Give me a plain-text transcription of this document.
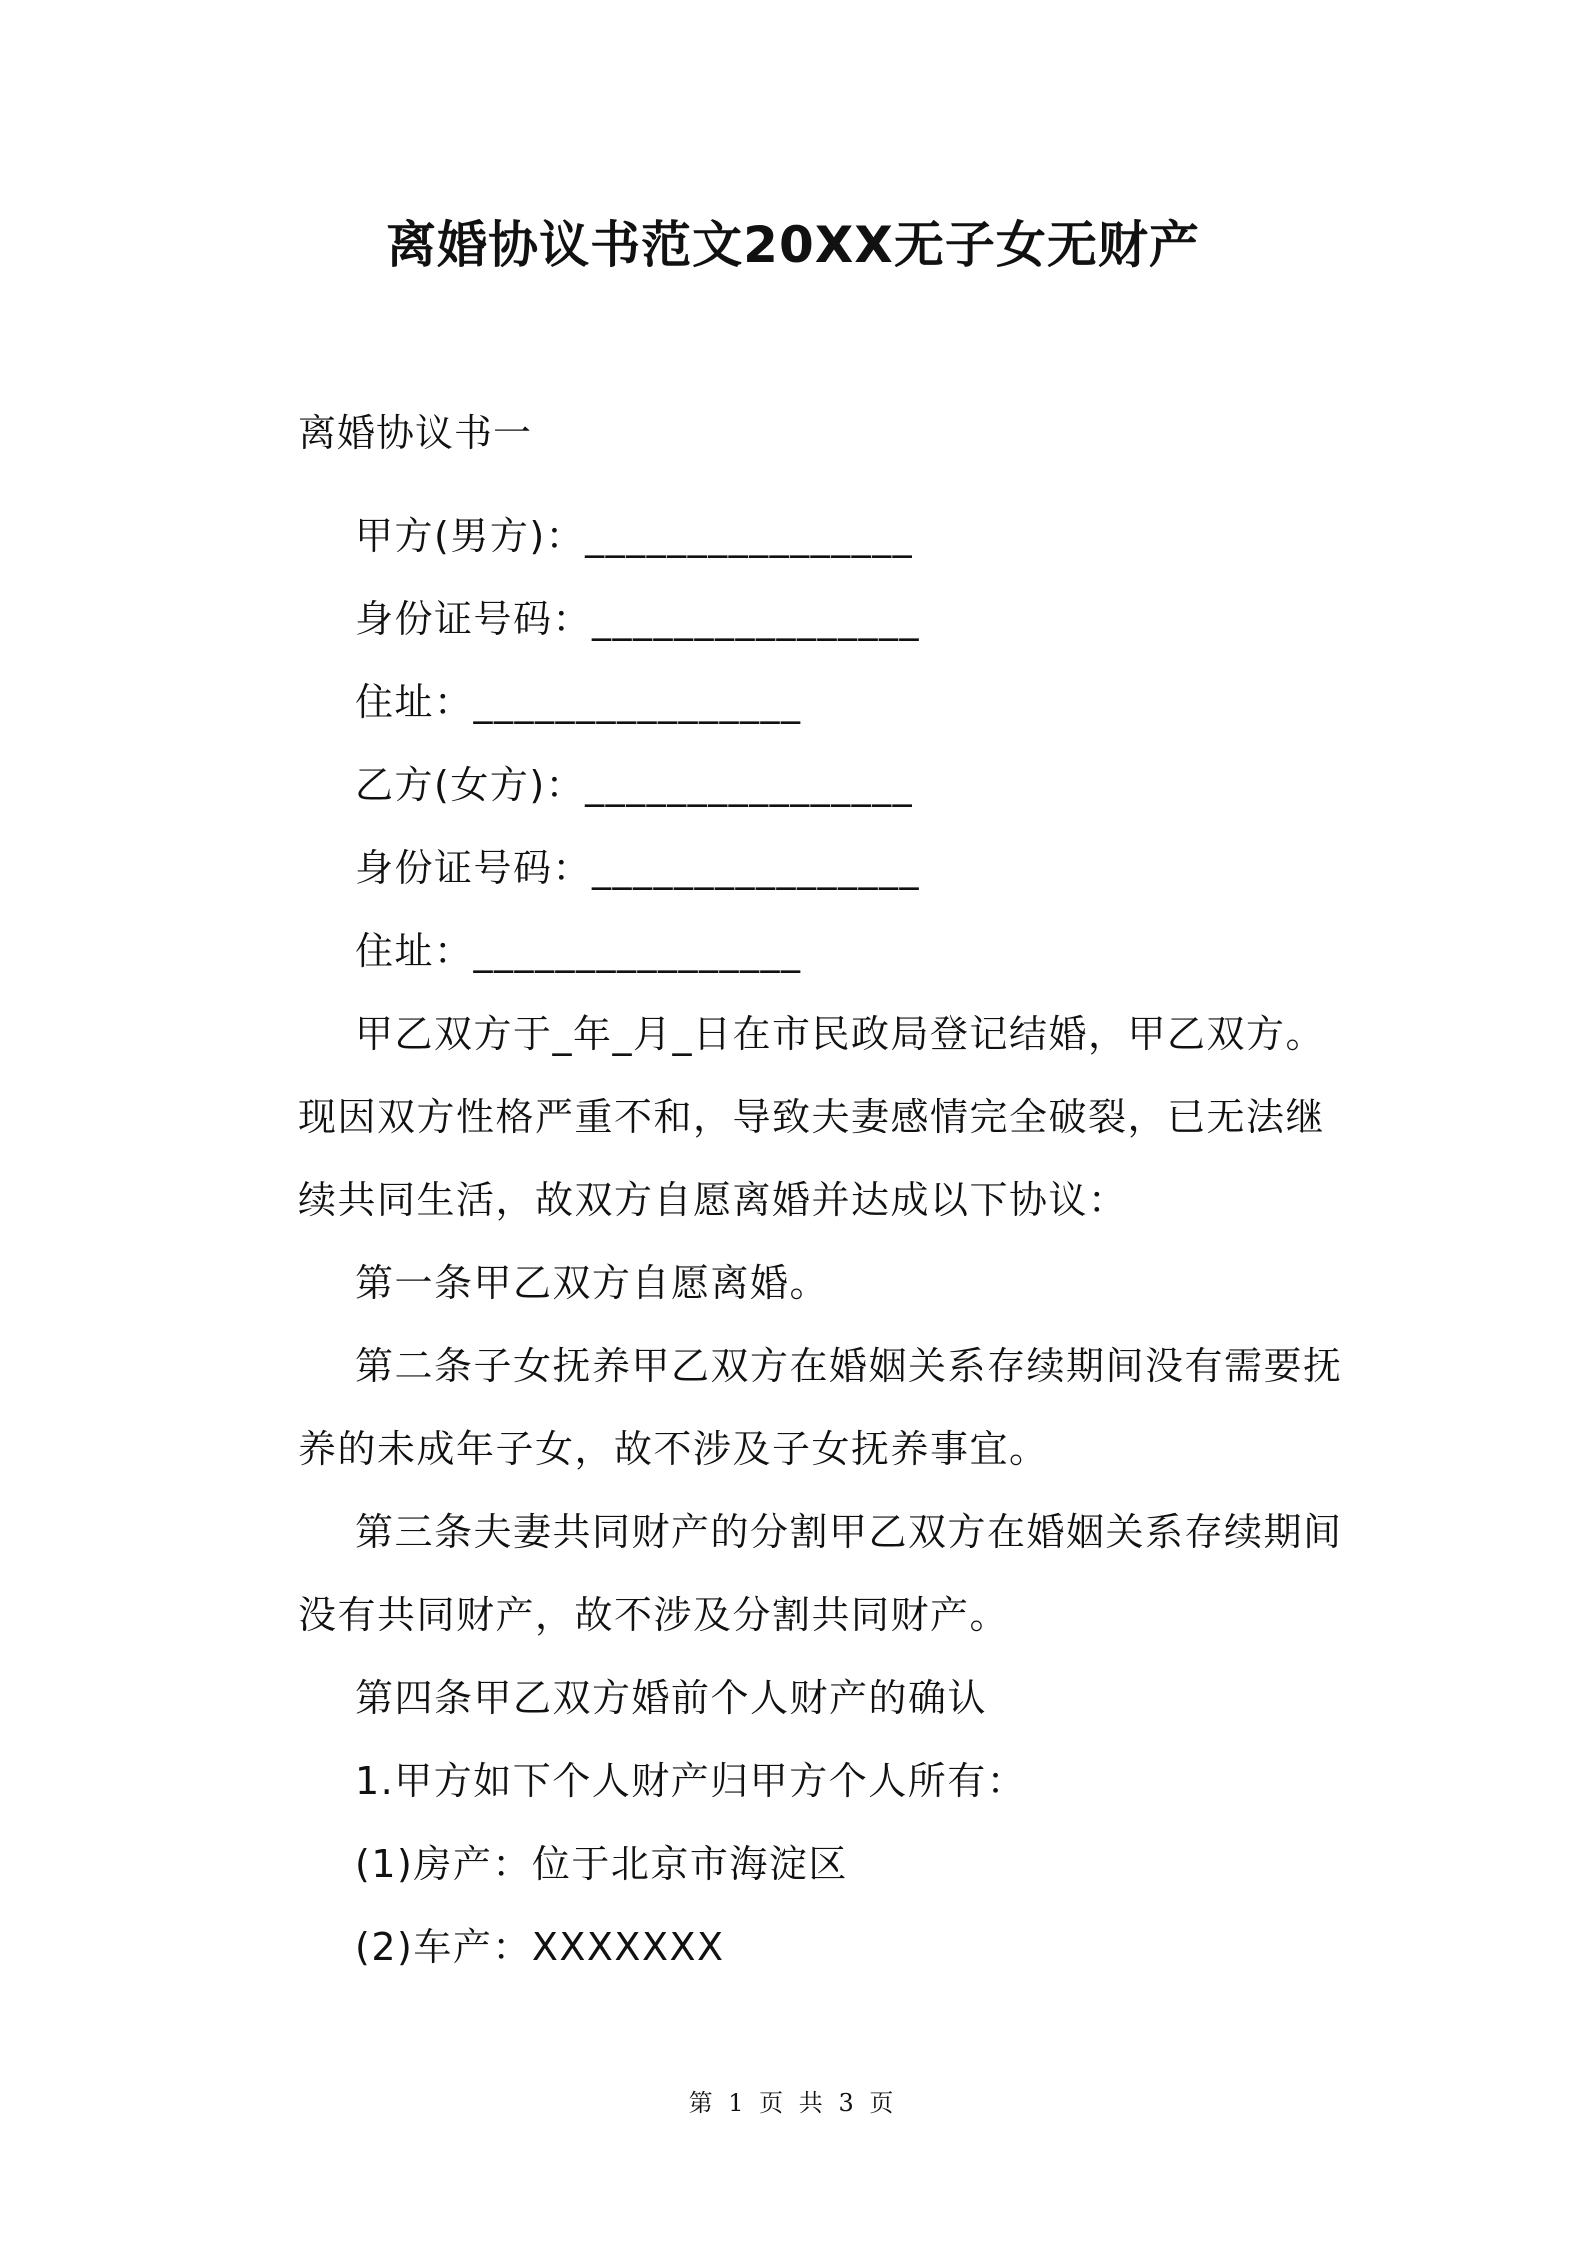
离婚协议书范文20XX无子女无财产
离婚协议书一

甲方(男方)：________________

身份证号码：________________

住址：________________

乙方(女方)：________________

身份证号码：________________

住址：________________

甲乙双方于_年_月_日在市民政局登记结婚，甲乙双方。现因双方性格严重不和，导致夫妻感情完全破裂，已无法继续共同生活，故双方自愿离婚并达成以下协议：

第一条甲乙双方自愿离婚。

第二条子女抚养甲乙双方在婚姻关系存续期间没有需要抚养的未成年子女，故不涉及子女抚养事宜。

第三条夫妻共同财产的分割甲乙双方在婚姻关系存续期间没有共同财产，故不涉及分割共同财产。

第四条甲乙双方婚前个人财产的确认

1.甲方如下个人财产归甲方个人所有：

(1)房产：位于北京市海淀区

(2)车产：XXXXXXX

第 1 页 共 3 页
